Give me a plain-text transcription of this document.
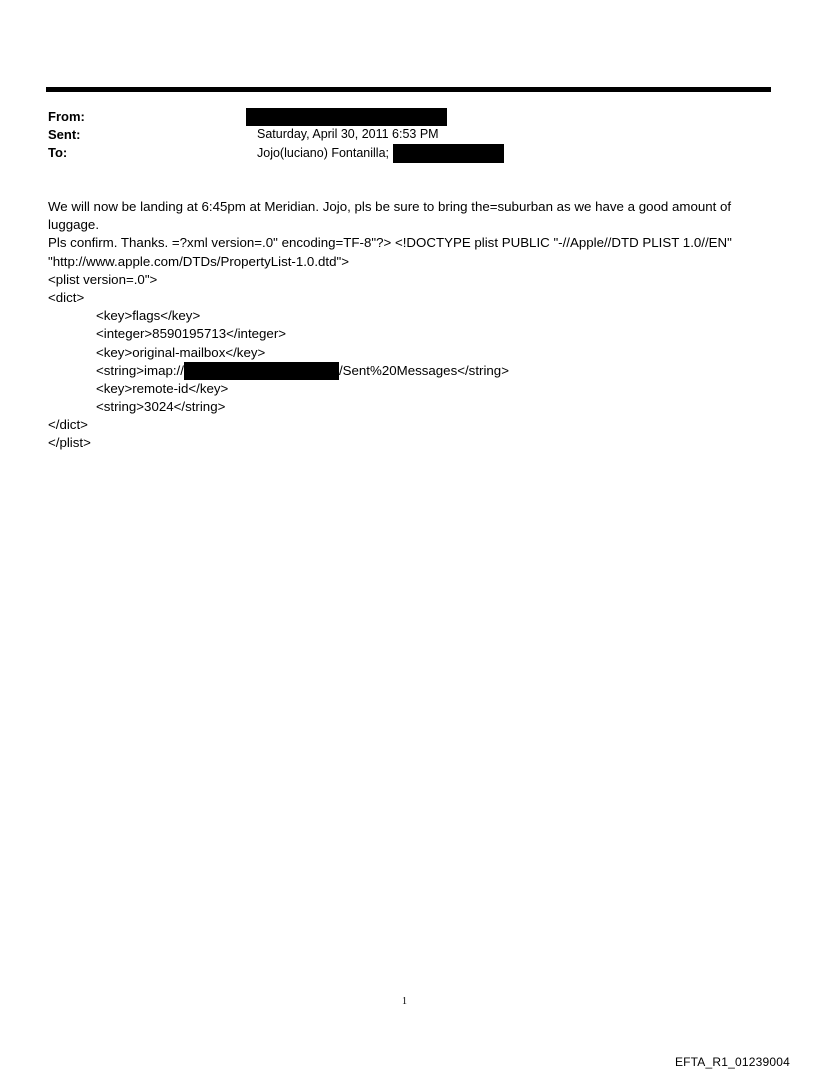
From:
Sent:	Saturday, April 30, 2011 6:53 PM
To:	Jojo(luciano) Fontanilla;
We will now be landing at 6:45pm at Meridian. Jojo, pls be sure to bring the=suburban as we have a good amount of
luggage.
Pls confirm. Thanks. =?xml version=.0" encoding=TF-8"?> <!DOCTYPE plist PUBLIC "-//Apple//DTD PLIST 1.0//EN"
"http://www.apple.com/DTDs/PropertyList-1.0.dtd">
<plist version=.0">
<dict>
<key>flags</key>
<integer>8590195713</integer>
<key>original-mailbox</key>
<string>imap://	/Sent%20Messages</string>
<key>remote-id</key>
<string>3024</string>
</dict>
</plist>
1
EFTA_R1_01239004
